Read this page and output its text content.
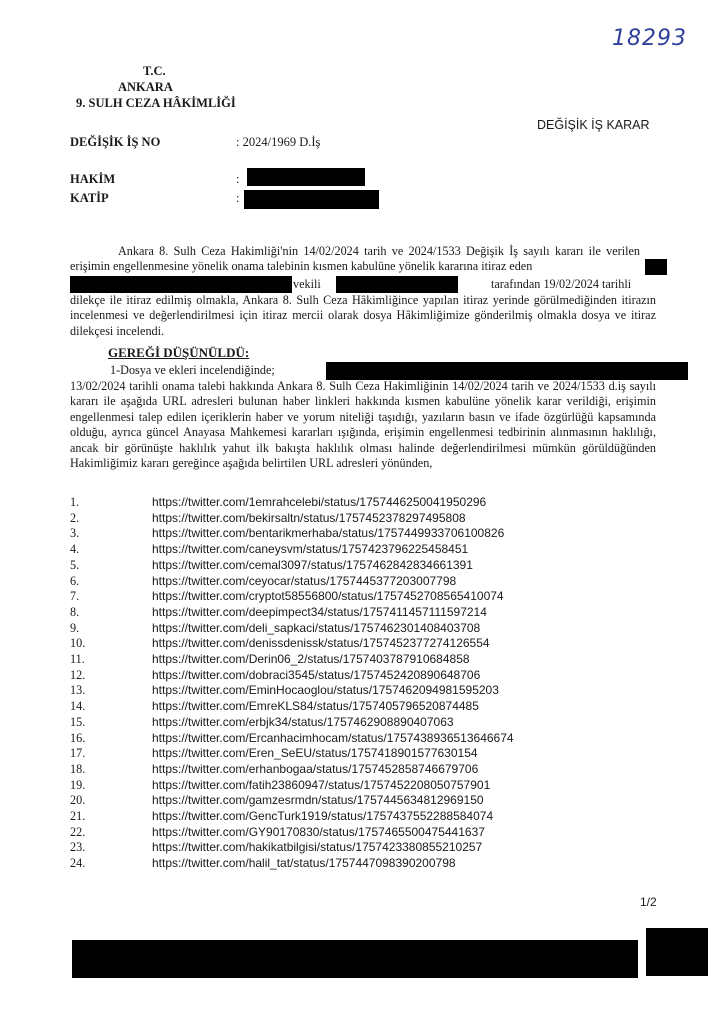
18293
T.C.
ANKARA
9. SULH CEZA HÂKİMLİĞİ
DEĞİŞİK İŞ KARAR
DEĞİŞİK İŞ NO	: 2024/1969 D.İş
HAKİM	:
KATİP	:

Ankara 8. Sulh Ceza Hakimliği'nin 14/02/2024 tarih ve 2024/1533 Değişik İş sayılı kararı ile verilen erişimin engellenmesine yönelik onama talebinin kısmen kabulüne yönelik kararına itiraz eden

vekili	tarafından 19/02/2024 tarihli

dilekçe ile itiraz edilmiş olmakla, Ankara 8. Sulh Ceza Hâkimliğince yapılan itiraz yerinde görülmediğinden itirazın incelenmesi ve değerlendirilmesi için itiraz mercii olarak dosya Hâkimliğimize gönderilmiş olmakla dosya ve itiraz dilekçesi incelendi.

GEREĞİ DÜŞÜNÜLDÜ:
1-Dosya ve ekleri incelendiğinde;

13/02/2024 tarihli onama talebi hakkında Ankara 8. Sulh Ceza Hakimliğinin 14/02/2024 tarih ve 2024/1533 d.iş sayılı kararı ile aşağıda URL adresleri bulunan haber linkleri hakkında kısmen kabulüne yönelik karar verildiği, erişimin engellenmesi talep edilen içeriklerin haber ve yorum niteliği taşıdığı, yazıların basın ve ifade özgürlüğü kapsamında olduğu, ayrıca güncel Anayasa Mahkemesi kararları ışığında, erişimin engellenmesi tedbirinin alınmasının haklılığı, ancak bir görünüşte haklılık yahut ilk bakışta haklılık olması halinde değerlendirilmesi mümkün görüldüğünden Hakimliğimiz kararı gereğince aşağıda belirtilen URL adresleri yönünden,

1.	https://twitter.com/1emrahcelebi/status/1757446250041950296
2.	https://twitter.com/bekirsaltn/status/1757452378297495808
3.	https://twitter.com/bentarikmerhaba/status/1757449933706100826
4.	https://twitter.com/caneysvm/status/1757423796225458451
5.	https://twitter.com/cemal3097/status/1757462842834661391
6.	https://twitter.com/ceyocar/status/1757445377203007798
7.	https://twitter.com/cryptot58556800/status/1757452708565410074
8.	https://twitter.com/deepimpect34/status/1757411457111597214
9.	https://twitter.com/deli_sapkaci/status/1757462301408403708
10.	https://twitter.com/denissdenissk/status/1757452377274126554
11.	https://twitter.com/Derin06_2/status/1757403787910684858
12.	https://twitter.com/dobraci3545/status/1757452420890648706
13.	https://twitter.com/EminHocaoglou/status/1757462094981595203
14.	https://twitter.com/EmreKLS84/status/1757405796520874485
15.	https://twitter.com/erbjk34/status/1757462908890407063
16.	https://twitter.com/Ercanhacimhocam/status/1757438936513646674
17.	https://twitter.com/Eren_SeEU/status/1757418901577630154
18.	https://twitter.com/erhanbogaa/status/1757452858746679706
19.	https://twitter.com/fatih23860947/status/1757452208050757901
20.	https://twitter.com/gamzesrmdn/status/1757445634812969150
21.	https://twitter.com/GencTurk1919/status/1757437552288584074
22.	https://twitter.com/GY90170830/status/1757465500475441637
23.	https://twitter.com/hakikatbilgisi/status/1757423380855210257
24.	https://twitter.com/halil_tat/status/1757447098390200798
1/2
